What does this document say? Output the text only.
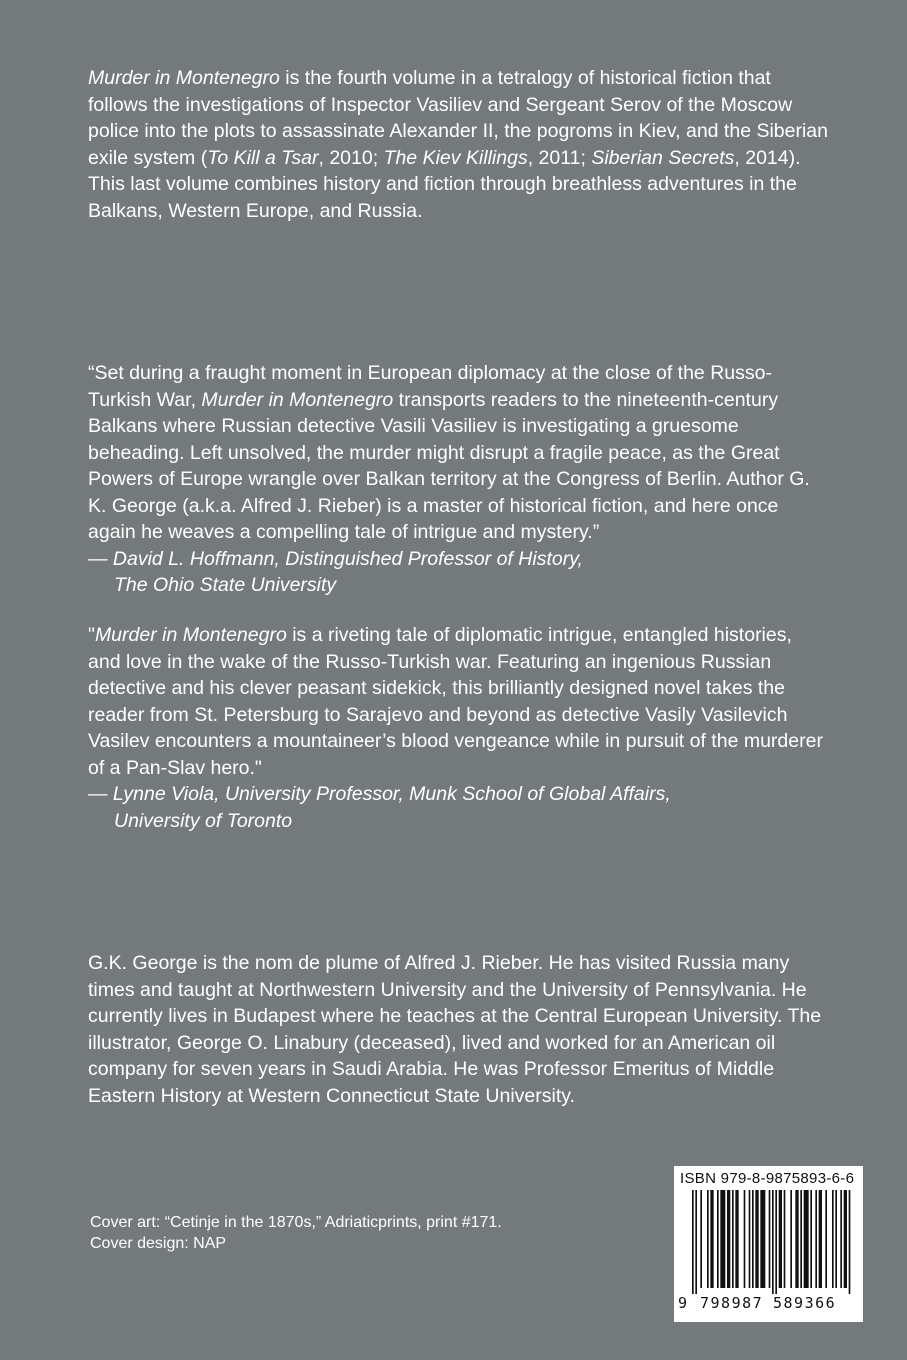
Murder in Montenegro is the fourth volume in a tetralogy of historical fiction that follows the investigations of Inspector Vasiliev and Sergeant Serov of the Moscow police into the plots to assassinate Alexander II, the pogroms in Kiev, and the Siberian exile system (To Kill a Tsar, 2010; The Kiev Killings, 2011; Siberian Secrets, 2014). This last volume combines history and fiction through breathless adventures in the Balkans, Western Europe, and Russia.
“Set during a fraught moment in European diplomacy at the close of the Russo-Turkish War, Murder in Montenegro transports readers to the nineteenth-century Balkans where Russian detective Vasili Vasiliev is investigating a gruesome beheading. Left unsolved, the murder might disrupt a fragile peace, as the Great Powers of Europe wrangle over Balkan territory at the Congress of Berlin. Author G. K. George (a.k.a. Alfred J. Rieber) is a master of historical fiction, and here once again he weaves a compelling tale of intrigue and mystery.”
— David L. Hoffmann, Distinguished Professor of History,
The Ohio State University
"Murder in Montenegro is a riveting tale of diplomatic intrigue, entangled histories, and love in the wake of the Russo-Turkish war. Featuring an ingenious Russian detective and his clever peasant sidekick, this brilliantly designed novel takes the reader from St. Petersburg to Sarajevo and beyond as detective Vasily Vasilevich Vasilev encounters a mountaineer’s blood vengeance while in pursuit of the murderer of a Pan-Slav hero."
— Lynne Viola, University Professor, Munk School of Global Affairs,
University of Toronto
G.K. George is the nom de plume of Alfred J. Rieber. He has visited Russia many times and taught at Northwestern University and the University of Pennsylvania. He currently lives in Budapest where he teaches at the Central European University. The illustrator, George O. Linabury (deceased), lived and worked for an American oil company for seven years in Saudi Arabia. He was Professor Emeritus of Middle Eastern History at Western Connecticut State University.
Cover art: “Cetinje in the 1870s,” Adriaticprints, print #171.
Cover design: NAP
ISBN 979-8-9875893-6-6
9 798987 589366
